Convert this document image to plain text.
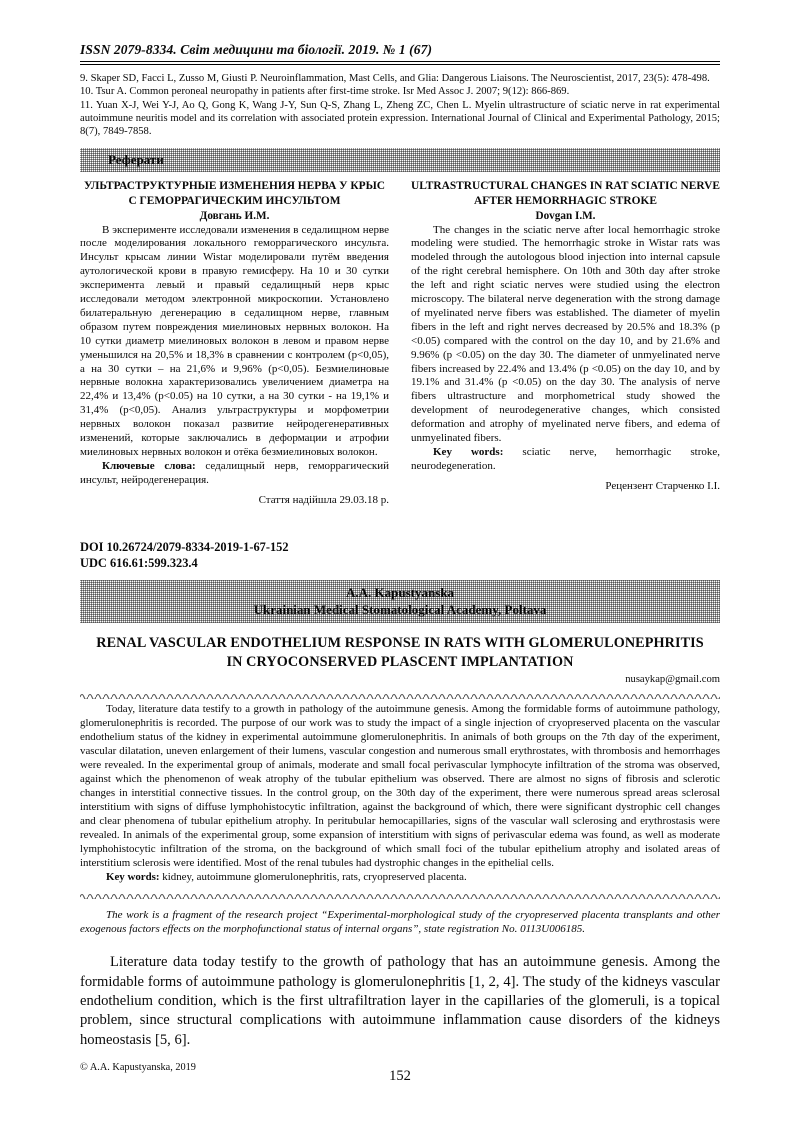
ISSN 2079-8334. Світ медицини та біології. 2019. № 1 (67)

9. Skaper SD, Facci L, Zusso M, Giusti P. Neuroinflammation, Mast Cells, and Glia: Dangerous Liaisons. The Neuroscientist, 2017, 23(5): 478-498.

10. Tsur A. Common peroneal neuropathy in patients after first-time stroke. Isr Med Assoc J. 2007; 9(12): 866-869.

11. Yuan X-J, Wei Y-J, Ao Q, Gong K, Wang J-Y, Sun Q-S, Zhang L, Zheng ZC, Chen L. Myelin ultrastructure of sciatic nerve in rat experimental autoimmune neuritis model and its correlation with associated protein expression. International Journal of Clinical and Experimental Pathology, 2015; 8(7), 7849-7858.

Реферати
УЛЬТРАСТРУКТУРНЫЕ ИЗМЕНЕНИЯ НЕРВА У КРЫС С ГЕМОРРАГИЧЕСКИМ ИНСУЛЬТОМ
Довгань И.М.

В эксперименте исследовали изменения в седалищном нерве после моделирования локального геморрагического инсульта. Инсульт крысам линии Wistar моделировали путём введения аутологической крови в правую гемисферу. На 10 и 30 сутки эксперимента левый и правый седалищный нерв крыс исследовали методом электронной микроскопии. Установлено билатеральную дегенерацию в седалищном нерве, главным образом путем повреждения миелиновых нервных волокон. На 10 сутки диаметр миелиновых волокон в левом и правом нерве уменьшился на 20,5% и 18,3% в сравнении с контролем (p<0,05), а на 30 сутки – на 21,6% и 9,96% (p<0,05). Безмиелиновые нервные волокна характеризовались увеличением диаметра на 22,4% и 13,4% (p<0.05) на 10 сутки, а на 30 сутки - на 19,1% и 31,4% (p<0,05). Анализ ультраструктуры и морфометрии нервных волокон показал развитие нейродегенеративных изменений, которые заключались в деформации и атрофии миелиновых нервных волокон и отёка безмиелиновых волокон.

Ключевые слова: седалищный нерв, геморрагический инсульт, нейродегенерация.

Стаття надійшла 29.03.18 р.
ULTRASTRUCTURAL CHANGES IN RAT SCIATIC NERVE AFTER HEMORRHAGIC STROKE
Dovgan I.M.

The changes in the sciatic nerve after local hemorrhagic stroke modeling were studied. The hemorrhagic stroke in Wistar rats was modeled through the autologous blood injection into internal capsule of the right cerebral hemisphere. On 10th and 30th day after stroke the left and right sciatic nerves were studied using the electron microscopy. The bilateral nerve degeneration with the strong damage of myelinated nerve fibers was established. The diameter of myelin fibers in the left and right nerves decreased by 20.5% and 18.3% (p <0.05) compared with the control on the day 10, and by 21.6% and 9.96% (p <0.05) on the day 30. The diameter of unmyelinated nerve fibers increased by 22.4% and 13.4% (p <0.05) on the day 10, and by 19.1% and 31.4% (p <0.05) on the day 30. The analysis of nerve fibers ultrastructure and morphometrical study showed the development of neurodegenerative changes, which consisted deformation and atrophy of myelinated nerve fibers, and edema of unmyelinated fibers.

Key words: sciatic nerve, hemorrhagic stroke, neurodegeneration.

Рецензент Старченко І.І.
DOI 10.26724/2079-8334-2019-1-67-152
UDC 616.61:599.323.4
A.A. Kapustyanska
Ukrainian Medical Stomatological Academy, Poltava
RENAL VASCULAR ENDOTHELIUM RESPONSE IN RATS WITH GLOMERULONEPHRITIS
IN CRYOCONSERVED PLASCENT IMPLANTATION
nusaykap@gmail.com

Today, literature data testify to a growth in pathology of the autoimmune genesis. Among the formidable forms of autoimmune pathology, glomerulonephritis is recorded. The purpose of our work was to study the impact of a single injection of cryopreserved placenta on the vascular endothelium status of the kidney in experimental autoimmune glomerulonephritis. In animals of both groups on the 7th day of the experiment, vascular dilatation, uneven enlargement of their lumens, vascular congestion and numerous small erythrostates, with thrombosis and hemorrhages were revealed. In the experimental group of animals, moderate and small focal perivascular lymphocyte infiltration of the stroma was observed, against which the phenomenon of weak atrophy of the tubular epithelium was observed. There are almost no signs of fibrosis and sclerotic changes in interstitial connective tissues. In the control group, on the 30th day of the experiment, there were numerous spread areas sclerosal interstitium with signs of diffuse lymphohistocytic infiltration, against the background of which, there were significant dystrophic cell changes and clear phenomena of tubular epithelium atrophy. In peritubular hemocapillaries, signs of the vascular wall sclerosing and erythrostasis were revealed. In animals of the experimental group, some expansion of interstitium with signs of perivascular edema was found, as well as moderate lymphohistocytic infiltration of the stroma, on the background of which small foci of the tubular epithelium atrophy and isolated areas of interstitium sclerosis were identified. Most of the renal tubules had dystrophic changes in the epithelial cells.

Key words: kidney, autoimmune glomerulonephritis, rats, cryopreserved placenta.

The work is a fragment of the research project “Experimental-morphological study of the cryopreserved placenta transplants and other exogenous factors effects on the morphofunctional status of internal organs”, state registration No. 0113U006185.
Literature data today testify to the growth of pathology that has an autoimmune genesis. Among the formidable forms of autoimmune pathology is glomerulonephritis [1, 2, 4]. The study of the kidneys vascular endothelium condition, which is the first ultrafiltration layer in the capillaries of the glomeruli, is a topical problem, since structural complications with autoimmune inflammation cause disorders of the kidneys homeostasis [5, 6].
© A.A. Kapustyanska, 2019
152
